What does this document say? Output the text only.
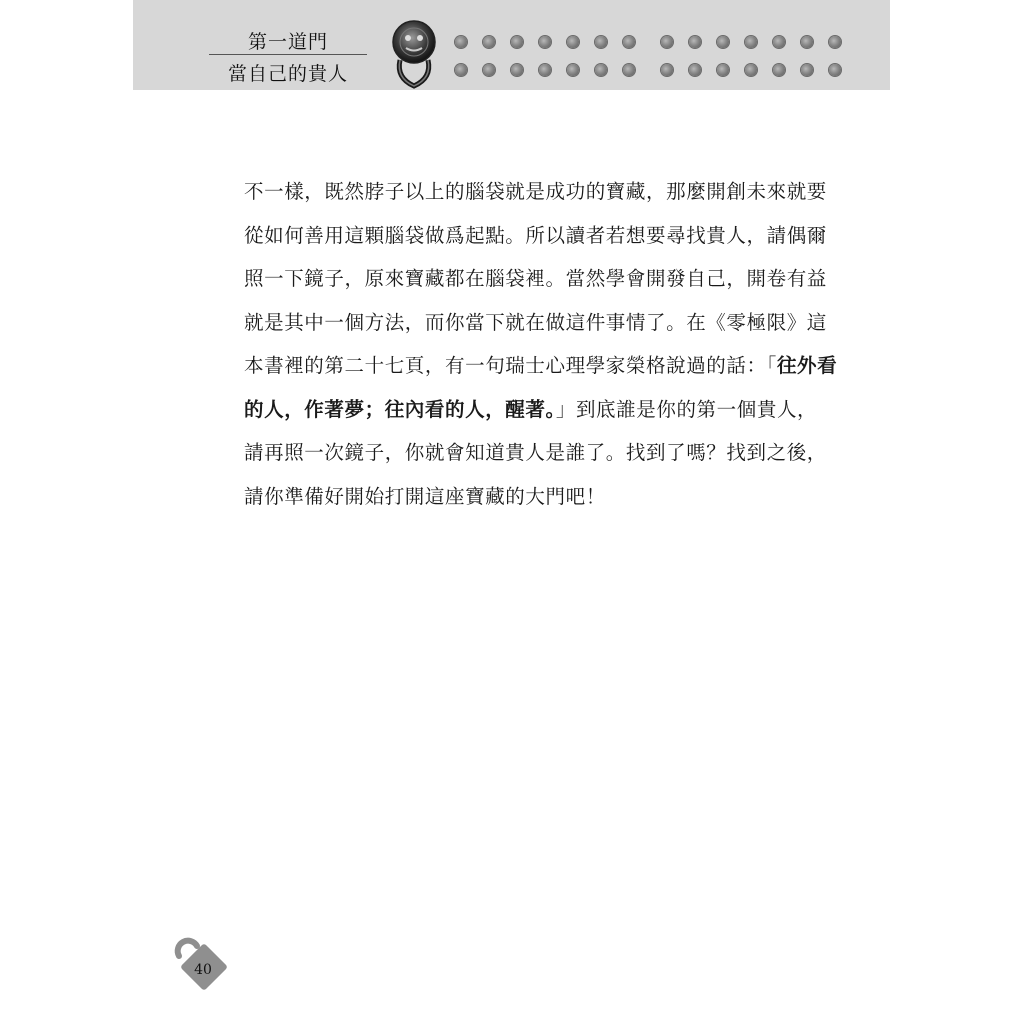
第一道門
當自己的貴人
不一樣，既然脖子以上的腦袋就是成功的寶藏，那麼開創未來就要
從如何善用這顆腦袋做爲起點。所以讀者若想要尋找貴人，請偶爾
照一下鏡子，原來寶藏都在腦袋裡。當然學會開發自己，開卷有益
就是其中一個方法，而你當下就在做這件事情了。在《零極限》這
本書裡的第二十七頁，有一句瑞士心理學家榮格說過的話：「往外看
的人，作著夢；往內看的人，醒著。」到底誰是你的第一個貴人，
請再照一次鏡子，你就會知道貴人是誰了。找到了嗎？找到之後，
請你準備好開始打開這座寶藏的大門吧！
40
